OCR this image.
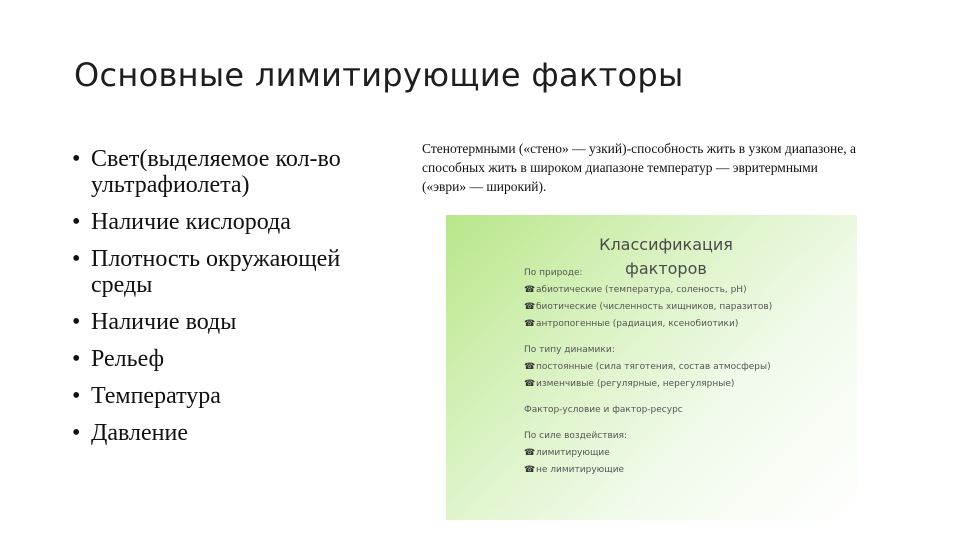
Основные лимитирующие факторы
• Свет(выделяемое кол-во ультрафиолета)
• Наличие кислорода
• Плотность окружающей среды
• Наличие воды
• Рельеф
• Температура
• Давление
Стенотермными («стено» — узкий)-способность жить в узком диапазоне, а способных жить в широком диапазоне температур — эвритермными («эври» — широкий).
Классификация
факторов
По природе:
☎ абиотические (температура, соленость, pH)
☎ биотические (численность хищников, паразитов)
☎ антропогенные (радиация, ксенобиотики)
По типу динамики:
☎ постоянные (сила тяготения, состав атмосферы)
☎ изменчивые (регулярные, нерегулярные)
Фактор-условие и фактор-ресурс
По силе воздействия:
☎ лимитирующие
☎ не лимитирующие
